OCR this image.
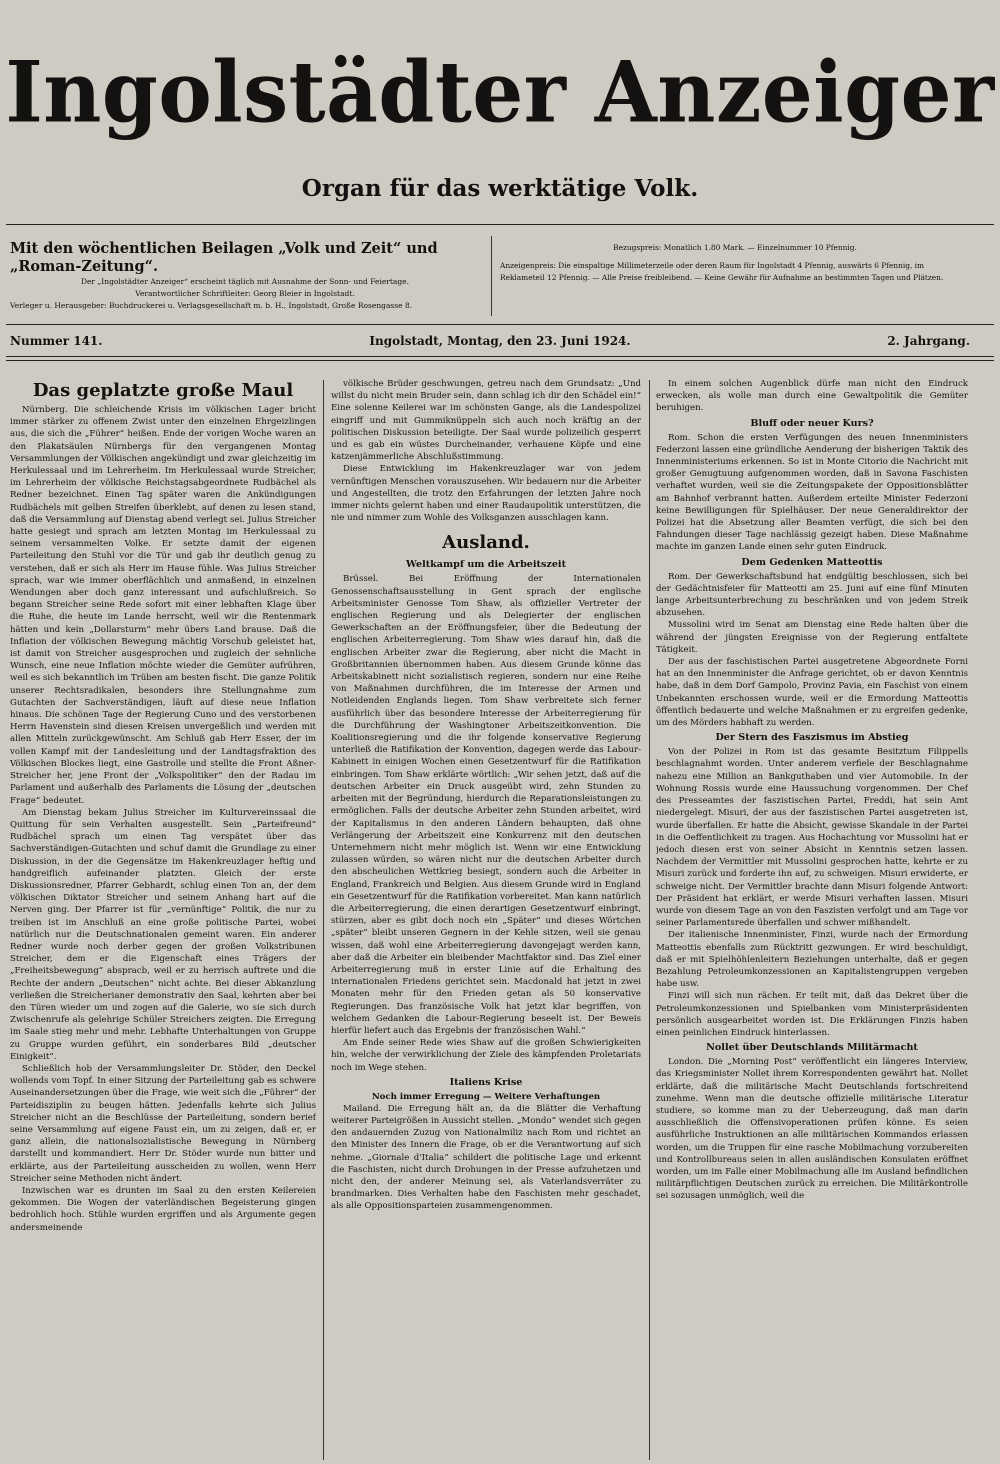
Ingolstädter Anzeiger
Organ für das werktätige Volk.
Mit den wöchentlichen Beilagen „Volk und Zeit“ und „Roman-Zeitung“.
Der „Ingolstädter Anzeiger“ erscheint täglich mit Ausnahme der Sonn- und Feiertage.
Verantwortlicher Schriftleiter: Georg Bleier in Ingolstadt.
Verleger u. Herausgeber: Buchdruckerei u. Verlagsgesellschaft m. b. H., Ingolstadt, Große Rosengasse 8.
Bezugspreis: Monatlich 1.80 Mark. — Einzelnummer 10 Pfennig.
Anzeigenpreis: Die einspaltige Millimeterzeile oder deren Raum für Ingolstadt 4 Pfennig, auswärts 6 Pfennig, im Reklameteil 12 Pfennig. — Alle Preise freibleibend. — Keine Gewähr für Aufnahme an bestimmten Tagen und Plätzen.
Nummer 141.	Ingolstadt, Montag, den 23. Juni 1924.	2. Jahrgang.
Das geplatzte große Maul

Nürnberg. Die schleichende Krisis im völkischen Lager bricht immer stärker zu offenem Zwist unter den einzelnen Ehrgeizlingen aus, die sich die „Führer“ heißen. Ende der vorigen Woche waren an den Plakatsäulen Nürnbergs für den vergangenen Montag Versammlungen der Völkischen angekündigt und zwar gleichzeitig im Herkulessaal und im Lehrerheim. Im Herkulessaal wurde Streicher, im Lehrerheim der völkische Reichstagsabgeordnete Rudbächel als Redner bezeichnet. Einen Tag später waren die Ankündigungen Rudbächels mit gelben Streifen überklebt, auf denen zu lesen stand, daß die Versammlung auf Dienstag abend verlegt sei. Julius Streicher hatte gesiegt und sprach am letzten Montag im Herkulessaal zu seinem versammelten Volke. Er setzte damit der eigenen Parteileitung den Stuhl vor die Tür und gab ihr deutlich genug zu verstehen, daß er sich als Herr im Hause fühle. Was Julius Streicher sprach, war wie immer oberflächlich und anmaßend, in einzelnen Wendungen aber doch ganz interessant und aufschlußreich. So begann Streicher seine Rede sofort mit einer lebhaften Klage über die Ruhe, die heute im Lande herrscht, weil wir die Rentenmark hätten und kein „Dollarsturm“ mehr übers Land brause. Daß die Inflation der völkischen Bewegung mächtig Vorschub geleistet hat, ist damit von Streicher ausgesprochen und zugleich der sehnliche Wunsch, eine neue Inflation möchte wieder die Gemüter aufrühren, weil es sich bekanntlich im Trüben am besten fischt. Die ganze Politik unserer Rechtsradikalen, besonders ihre Stellungnahme zum Gutachten der Sachverständigen, läuft auf diese neue Inflation hinaus. Die schönen Tage der Regierung Cuno und des verstorbenen Herrn Havenstein sind diesen Kreisen unvergeßlich und werden mit allen Mitteln zurückgewünscht. Am Schluß gab Herr Esser, der im vollen Kampf mit der Landesleitung und der Landtagsfraktion des Völkischen Blockes liegt, eine Gastrolle und stellte die Front Aßner-Streicher her, jene Front der „Volkspolitiker“ den der Radau im Parlament und außerhalb des Parlaments die Lösung der „deutschen Frage“ bedeutet.

Am Dienstag bekam Julius Streicher im Kulturvereinssaal die Quittung für sein Verhalten ausgestellt. Sein „Parteifreund“ Rudbächel sprach um einen Tag verspätet über das Sachverständigen-Gutachten und schuf damit die Grundlage zu einer Diskussion, in der die Gegensätze im Hakenkreuzlager heftig und handgreiflich aufeinander platzten. Gleich der erste Diskussionsredner, Pfarrer Gebhardt, schlug einen Ton an, der dem völkischen Diktator Streicher und seinem Anhang hart auf die Nerven ging. Der Pfarrer ist für „vernünftige“ Politik, die nur zu treiben ist im Anschluß an eine große politische Partei, wobei natürlich nur die Deutschnationalen gemeint waren. Ein anderer Redner wurde noch derber gegen der großen Volkstribunen Streicher, dem er die Eigenschaft eines Trägers der „Freiheitsbewegung“ abspracb, weil er zu herrisch auftrete und die Rechte der andern „Deutschen“ nicht achte. Bei dieser Abkanzlung verließen die Streicherianer demonstrativ den Saal, kehrten aber bei den Türen wieder um und zogen auf die Galerie, wo sie sich durch Zwischenrufe als gelehrige Schüler Streichers zeigten. Die Erregung im Saale stieg mehr und mehr. Lebhafte Unterhaltungen von Gruppe zu Gruppe wurden geführt, ein sonderbares Bild „deutscher Einigkeit“.

Schließlich hob der Versammlungsleiter Dr. Stöder, den Deckel wollends vom Topf. In einer Sitzung der Parteileitung gab es schwere Auseinandersetzungen über die Frage, wie weit sich die „Führer“ der Parteidisziplin zu beugen hätten. Jedenfalls kehrte sich Julius Streicher nicht an die Beschlüsse der Parteileitung, sondern berief seine Versammlung auf eigene Faust ein, um zu zeigen, daß er, er ganz allein, die nationalsozialistische Bewegung in Nürnberg darstellt und kommandiert. Herr Dr. Stöder wurde nun bitter und erklärte, aus der Parteileitung ausscheiden zu wollen, wenn Herr Streicher seine Methoden nicht ändert.

Inzwischen war es drunten im Saal zu den ersten Keilereien gekommen. Die Wogen der vaterländischen Begeisterung gingen bedrohlich hoch. Stühle wurden ergriffen und als Argumente gegen andersmeinende

völkische Brüder geschwungen, getreu nach dem Grundsatz: „Und willst du nicht mein Bruder sein, dann schlag ich dir den Schädel ein!“ Eine solenne Keilerei war im schönsten Gange, als die Landespolizei eingriff und mit Gummiknüppeln sich auch noch kräftig an der politischen Diskussion beteiligte. Der Saal wurde polizeilich gesperrt und es gab ein wüstes Durcheinander, verhauene Köpfe und eine katzenjämmerliche Abschlußstimmung.

Diese Entwicklung im Hakenkreuzlager war von jedem vernünftigen Menschen vorauszusehen. Wir bedauern nur die Arbeiter und Angestellten, die trotz den Erfahrungen der letzten Jahre noch immer nichts gelernt haben und einer Raudaupolitik unterstützen, die nie und nimmer zum Wohle des Volksganzen ausschlagen kann.

Ausland.
Weltkampf um die Arbeitszeit

Brüssel. Bei Eröffnung der Internationalen Genossenschaftsausstellung in Gent sprach der englische Arbeitsminister Genosse Tom Shaw, als offizieller Vertreter der englischen Regierung und als Delegierter der englischen Gewerkschaften an der Eröffnungsfeier, über die Bedeutung der englischen Arbeiterregierung. Tom Shaw wies darauf hin, daß die englischen Arbeiter zwar die Regierung, aber nicht die Macht in Großbritannien übernommen haben. Aus diesem Grunde könne das Arbeitskabinett nicht sozialistisch regieren, sondern nur eine Reihe von Maßnahmen durchführen, die im Interesse der Armen und Notleidenden Englands liegen. Tom Shaw verbreitete sich ferner ausführlich über das besondere Interesse der Arbeiterregierung für die Durchführung der Washingtoner Arbeitszeitkonvention. Die Koalitionsregierung und die ihr folgende konservative Regierung unterließ die Ratifikation der Konvention, dagegen werde das Labour-Kabinett in einigen Wochen einen Gesetzentwurf für die Ratifikation einbringen. Tom Shaw erklärte wörtlich: „Wir sehen jetzt, daß auf die deutschen Arbeiter ein Druck ausgeübt wird, zehn Stunden zu arbeiten mit der Begründung, hierdurch die Reparationsleistungen zu ermöglichen. Falls der deutsche Arbeiter zehn Stunden arbeitet, wird der Kapitalismus in den anderen Ländern behaupten, daß ohne Verlängerung der Arbeitszeit eine Konkurrenz mit den deutschen Unternehmern nicht mehr möglich ist. Wenn wir eine Entwicklung zulassen würden, so wären nicht nur die deutschen Arbeiter durch den abscheulichen Wettkrieg besiegt, sondern auch die Arbeiter in England, Frankreich und Belgien. Aus diesem Grunde wird in England ein Gesetzentwurf für die Ratifikation vorbereitet. Man kann natürlich die Arbeiterregierung, die einen derartigen Gesetzentwurf einbringt, stürzen, aber es gibt doch noch ein „Später“ und dieses Wörtchen „später“ bleibt unseren Gegnern in der Kehle sitzen, weil sie genau wissen, daß wohl eine Arbeiterregierung davongejagt werden kann, aber daß die Arbeiter ein bleibender Machtfaktor sind. Das Ziel einer Arbeiterregierung muß in erster Linie auf die Erhaltung des internationalen Friedens gerichtet sein. Macdonald hat jetzt in zwei Monaten mehr für den Frieden getan als 50 konservative Regierungen. Das französische Volk hat jetzt klar begriffen, von welchem Gedanken die Labour-Regierung beseelt ist. Der Beweis hierfür liefert auch das Ergebnis der französischen Wahl.“

Am Ende seiner Rede wies Shaw auf die großen Schwierigkeiten hin, welche der verwirklichung der Ziele des kämpfenden Proletariats noch im Wege stehen.

Italiens Krise
Noch immer Erregung — Weitere Verhaftungen

Mailand. Die Erregung hält an, da die Blätter die Verhaftung weiterer Parteigrößen in Aussicht stellen. „Mondo“ wendet sich gegen den andauernden Zuzug von Nationalmiliz nach Rom und richtet an den Minister des Innern die Frage, ob er die Verantwortung auf sich nehme. „Giornale d'Italia“ schildert die politische Lage und erkennt die Faschisten, nicht durch Drohungen in der Presse aufzuhetzen und nicht den, der anderer Meinung sei, als Vaterlandsverräter zu brandmarken. Dies Verhalten habe den Faschisten mehr geschadet, als alle Oppositionsparteien zusammengenommen.

In einem solchen Augenblick dürfe man nicht den Eindruck erwecken, als wolle man durch eine Gewaltpolitik die Gemüter beruhigen.

Bluff oder neuer Kurs?

Rom. Schon die ersten Verfügungen des neuen Innenministers Federzoni lassen eine gründliche Aenderung der bisherigen Taktik des Innenministeriums erkennen. So ist in Monte Citorio die Nachricht mit großer Genugtuung aufgenommen worden, daß in Savona Faschisten verhaftet wurden, weil sie die Zeitungspakete der Oppositionsblätter am Bahnhof verbrannt hatten. Außerdem erteilte Minister Federzoni keine Bewilligungen für Spielhäuser. Der neue Generaldirektor der Polizei hat die Absetzung aller Beamten verfügt, die sich bei den Fahndungen dieser Tage nachlässig gezeigt haben. Diese Maßnahme machte im ganzen Lande einen sehr guten Eindruck.

Dem Gedenken Matteottis

Rom. Der Gewerkschaftsbund hat endgültig beschlossen, sich bei der Gedächtnisfeier für Matteotti am 25. Juni auf eine fünf Minuten lange Arbeitsunterbrechung zu beschränken und von jedem Streik abzusehen.

Mussolini wird im Senat am Dienstag eine Rede halten über die während der jüngsten Ereignisse von der Regierung entfaltete Tätigkeit.

Der aus der faschistischen Partei ausgetretene Abgeordnete Forni hat an den Innenminister die Anfrage gerichtet, ob er davon Kenntnis habe, daß in dem Dorf Gampolo, Provinz Pavia, ein Faschist von einem Unbekannten erschossen wurde, weil er die Ermordung Matteottis öffentlich bedauerte und welche Maßnahmen er zu ergreifen gedenke, um des Mörders habhaft zu werden.

Der Stern des Faszismus im Abstieg

Von der Polizei in Rom ist das gesamte Besitztum Filippells beschlagnahmt worden. Unter anderem verfiele der Beschlagnahme nahezu eine Million an Bankguthaben und vier Automobile. In der Wohnung Rossis wurde eine Haussuchung vorgenommen. Der Chef des Presseamtes der faszistischen Partei, Freddi, hat sein Amt niedergelegt. Misuri, der aus der faszistischen Partei ausgetreten ist, wurde überfallen. Er hatte die Absicht, gewisse Skandale in der Partei in die Oeffentlichkeit zu tragen. Aus Hochachtung vor Mussolini hat er jedoch diesen erst von seiner Absicht in Kenntnis setzen lassen. Nachdem der Vermittler mit Mussolini gesprochen hatte, kehrte er zu Misuri zurück und forderte ihn auf, zu schweigen. Misuri erwiderte, er schweige nicht. Der Vermittler brachte dann Misuri folgende Antwort: Der Präsident hat erklärt, er werde Misuri verhaften lassen. Misuri wurde von diesem Tage an von den Faszisten verfolgt und am Tage vor seiner Parlamentsrede überfallen und schwer mißhandelt.

Der italienische Innenminister, Finzi, wurde nach der Ermordung Matteottis ebenfalls zum Rücktritt gezwungen. Er wird beschuldigt, daß er mit Spielhöhlenleitern Beziehungen unterhalte, daß er gegen Bezahlung Petroleumkonzessionen an Kapitalistengruppen vergeben habe usw.

Finzi will sich nun rächen. Er teilt mit, daß das Dekret über die Petroleumkonzessionen und Spielbanken vom Ministerpräsidenten persönlich ausgearbeitet worden ist. Die Erklärungen Finzis haben einen peinlichen Eindruck hinterlassen.

Nollet über Deutschlands Militärmacht

London. Die „Morning Post“ veröffentlicht ein längeres Interview, das Kriegsminister Nollet ihrem Korrespondenten gewährt hat. Nollet erklärte, daß die militärische Macht Deutschlands fortschreitend zunehme. Wenn man die deutsche offizielle militärische Literatur studiere, so komme man zu der Ueberzeugung, daß man darin ausschließlich die Offensivoperationen prüfen könne. Es seien ausführliche Instruktionen an alle militärischen Kommandos erlassen worden, um die Truppen für eine rasche Mobilmachung vorzubereiten und Kontrollbureaus seien in allen ausländischen Konsulaten eröffnet worden, um im Falle einer Mobilmachung alle im Ausland befindlichen militärpflichtigen Deutschen zurück zu erreichen. Die Militärkontrolle sei sozusagen unmöglich, weil die
